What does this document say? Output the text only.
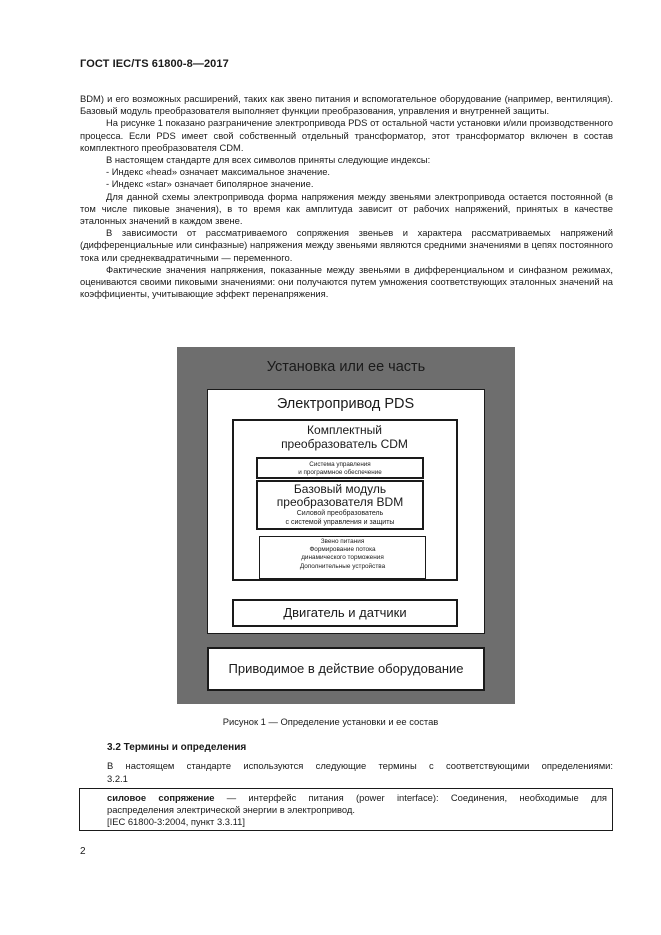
ГОСТ IEC/TS 61800-8—2017

BDM) и его возможных расширений, таких как звено питания и вспомогательное оборудование (например, вентиляция). Базовый модуль преобразователя выполняет функции преобразования, управления и внутренней защиты.

На рисунке 1 показано разграничение электропривода PDS от остальной части установки и/или производственного процесса. Если PDS имеет свой собственный отдельный трансформатор, этот трансформатор включен в состав комплектного преобразователя CDM.

В настоящем стандарте для всех символов приняты следующие индексы:

- Индекс «head» означает максимальное значение.

- Индекс «star» означает биполярное значение.

Для данной схемы электропривода форма напряжения между звеньями электропривода остается постоянной (в том числе пиковые значения), в то время как амплитуда зависит от рабочих напряжений, принятых в качестве эталонных значений в каждом звене.

В зависимости от рассматриваемого сопряжения звеньев и характера рассматриваемых напряжений (дифференциальные или синфазные) напряжения между звеньями являются средними значениями в цепях постоянного тока или среднеквадратичными — переменного.

Фактические значения напряжения, показанные между звеньями в дифференциальном и синфазном режимах, оцениваются своими пиковыми значениями: они получаются путем умножения соответствующих эталонных значений на коэффициенты, учитывающие эффект перенапряжения.

Установка или ее часть
Электропривод PDS
Комплектный
преобразователь CDM
Система управления
и программное обеспечение
Базовый модуль
преобразователя BDM
Силовой преобразователь
с системой управления и защиты
Звено питания
Формирование потока
динамического торможения
Дополнительные устройства
Двигатель и датчики
Приводимое в действие оборудование
Рисунок 1 — Определение установки и ее состав
3.2 Термины и определения
В настоящем стандарте используются следующие термины с соответствующими определениями:
3.2.1

силовое сопряжение — интерфейс питания (power interface): Соединения, необходимые для

распределения электрической энергии в электропривод.

[IEC 61800-3:2004, пункт 3.3.11]

2
